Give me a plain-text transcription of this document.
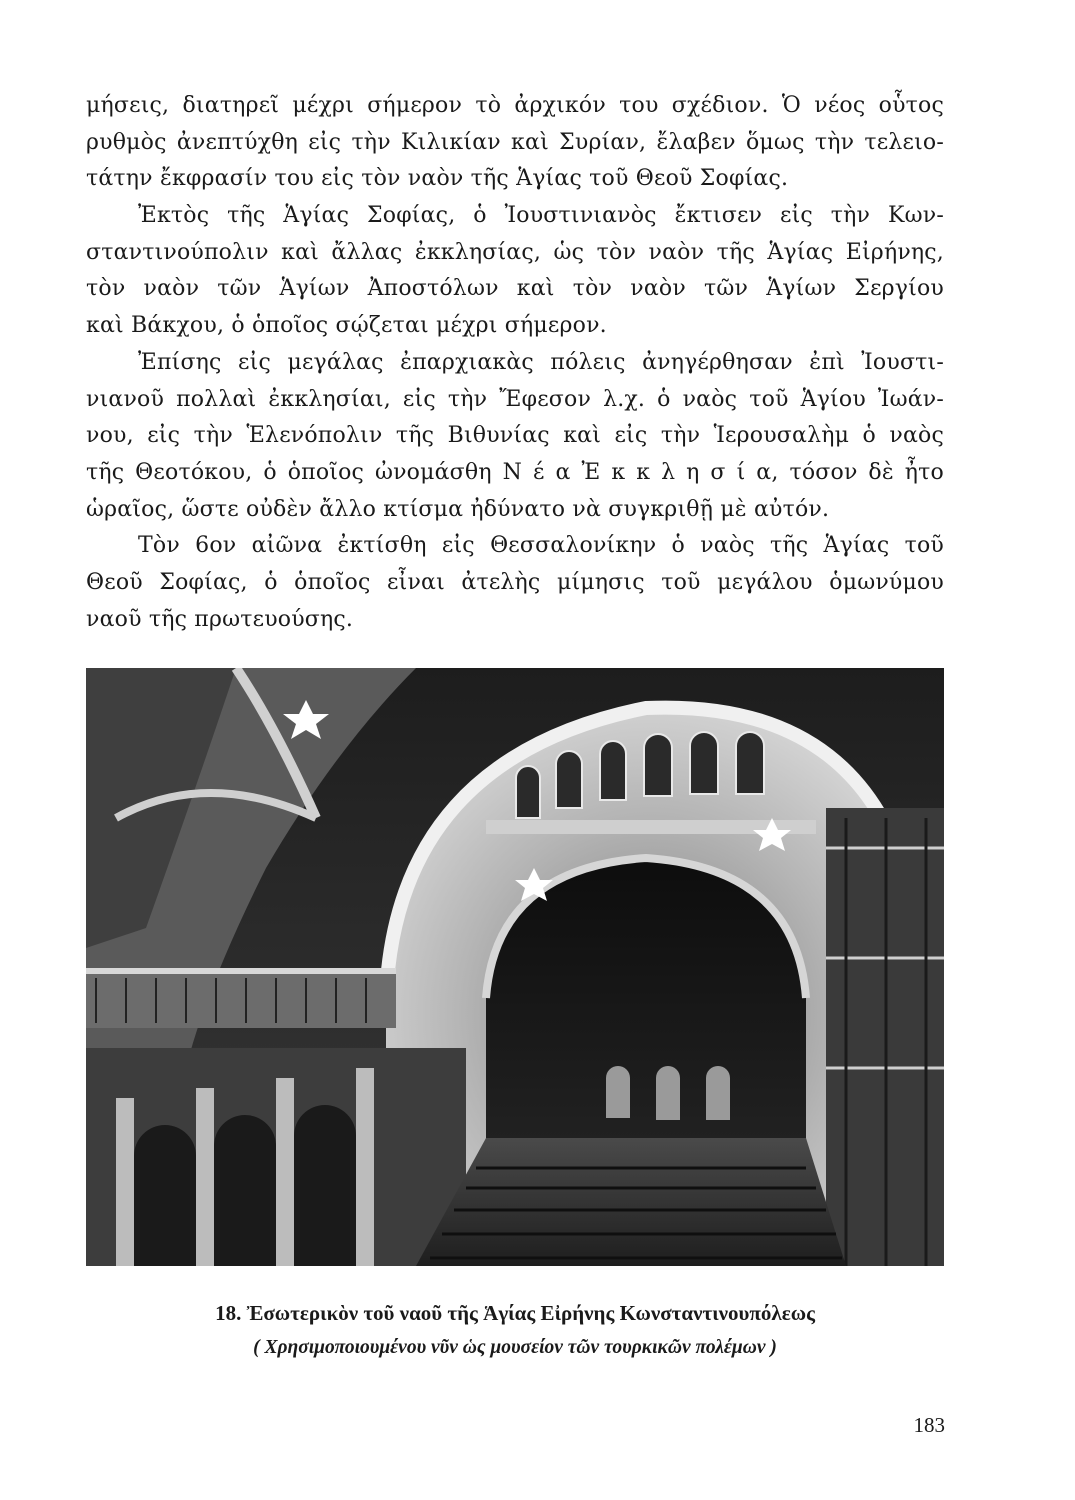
μήσεις, διατηρεῖ μέχρι σήμερον τὸ ἀρχικόν του σχέδιον. Ὁ νέος οὗτος
ρυθμὸς ἀνεπτύχθη εἰς τὴν Κιλικίαν καὶ Συρίαν, ἔλαβεν ὅμως τὴν τελειο-
τάτην ἔκφρασίν του εἰς τὸν ναὸν τῆς Ἁγίας τοῦ Θεοῦ Σοφίας.
Ἐκτὸς τῆς Ἁγίας Σοφίας, ὁ Ἰουστινιανὸς ἔκτισεν εἰς τὴν Κων-
σταντινούπολιν καὶ ἄλλας ἐκκλησίας, ὡς τὸν ναὸν τῆς Ἁγίας Εἰρήνης,
τὸν ναὸν τῶν Ἁγίων Ἀποστόλων καὶ τὸν ναὸν τῶν Ἁγίων Σεργίου
καὶ Βάκχου, ὁ ὁποῖος σῴζεται μέχρι σήμερον.
Ἐπίσης εἰς μεγάλας ἐπαρχιακὰς πόλεις ἀνηγέρθησαν ἐπὶ Ἰουστι-
νιανοῦ πολλαὶ ἐκκλησίαι, εἰς τὴν Ἔφεσον λ.χ. ὁ ναὸς τοῦ Ἁγίου Ἰωάν-
νου, εἰς τὴν Ἑλενόπολιν τῆς Βιθυνίας καὶ εἰς τὴν Ἱερουσαλὴμ ὁ ναὸς
τῆς Θεοτόκου, ὁ ὁποῖος ὠνομάσθη Ν έ α Ἐ κ κ λ η σ ί α, τόσον δὲ ἦτο
ὡραῖος, ὥστε οὐδὲν ἄλλο κτίσμα ἠδύνατο νὰ συγκριθῇ μὲ αὐτόν.
Τὸν 6ον αἰῶνα ἐκτίσθη εἰς Θεσσαλονίκην ὁ ναὸς τῆς Ἁγίας τοῦ
Θεοῦ Σοφίας, ὁ ὁποῖος εἶναι ἀτελὴς μίμησις τοῦ μεγάλου ὁμωνύμου
ναοῦ τῆς πρωτευούσης.
18. Ἐσωτερικὸν τοῦ ναοῦ τῆς Ἁγίας Εἰρήνης Κωνσταντινουπόλεως
( Χρησιμοποιουμένου νῦν ὡς μουσείον τῶν τουρκικῶν πολέμων )
183
